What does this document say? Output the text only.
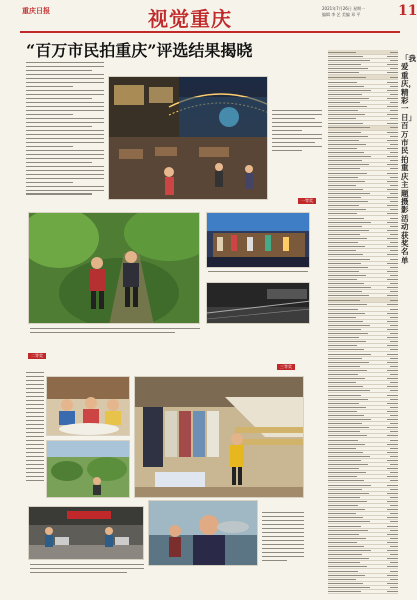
重庆日报	视觉重庆	2021年7月26日 星期一
编辑 李 艺 美编 邓 平	11
“百万市民拍重庆”评选结果揭晓
一等奖
二等奖
三等奖
「我爱重庆，精彩一日」百万市民拍重庆主题摄影活动获奖名单
